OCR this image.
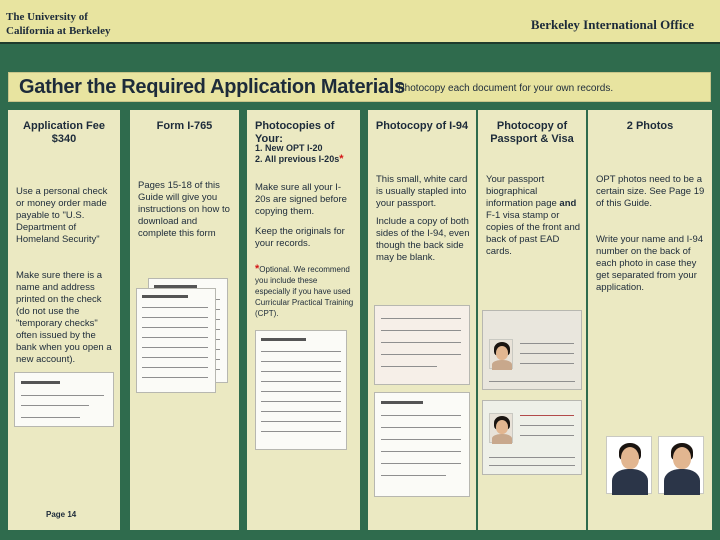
The University of
California at Berkeley	Berkeley International Office
Gather the Required Application Materials
Photocopy each document for your own records.
Application Fee
$340
Use a personal check or money order made payable to "U.S. Department of Homeland Security"
Make sure there is a name and address printed on the check (do not use the "temporary checks" often issued by the bank when you open a new account).
Form I-765
Pages 15-18 of this Guide will give you instructions on how to download and complete this form
Photocopies of Your:
1. New OPT I-20
2. All previous I-20s*
Make sure all your I-20s are signed before copying them.
Keep the originals for your records.
*Optional. We recommend you include these especially if you have used Curricular Practical Training (CPT).
Photocopy of I-94
This small, white card is usually stapled into your passport.
Include a copy of both sides of the I-94, even though the back side may be blank.
Photocopy of
Passport & Visa
Your passport biographical information page and F-1 visa stamp or copies of the front and back of past EAD cards.
2 Photos
OPT photos need to be a certain size. See Page 19 of this Guide.
Write your name and I-94 number on the back of each photo in case they get separated from your application.
Page 14
